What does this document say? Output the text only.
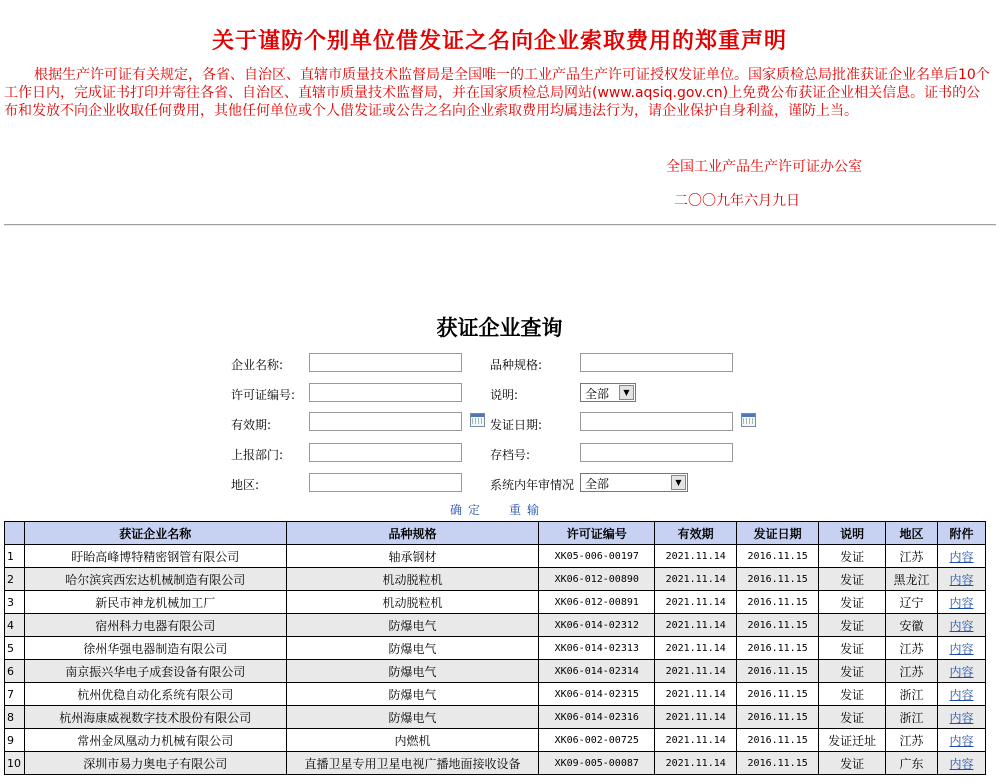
关于谨防个别单位借发证之名向企业索取费用的郑重声明
根据生产许可证有关规定，各省、自治区、直辖市质量技术监督局是全国唯一的工业产品生产许可证授权发证单位。国家质检总局批准获证企业名单后10个工作日内，完成证书打印并寄往各省、自治区、直辖市质量技术监督局，并在国家质检总局网站(www.aqsiq.gov.cn)上免费公布获证企业相关信息。证书的公布和发放不向企业收取任何费用，其他任何单位或个人借发证或公告之名向企业索取费用均属违法行为，请企业保护自身利益，谨防上当。
全国工业产品生产许可证办公室
二〇〇九年六月九日
获证企业查询
企业名称:	品种规格:
许可证编号:	说明:	全部	▼
有效期:	发证日期:
上报部门:	存档号:
地区:	系统内年审情况 全部	▼
确定 重输
	获证企业名称	品种规格	许可证编号	有效期	发证日期	说明	地区	附件
1	盱眙高峰博特精密钢管有限公司	轴承钢材	XK05-006-00197	2021.11.14	2016.11.15	发证	江苏	内容
2	哈尔滨宾西宏达机械制造有限公司	机动脱粒机	XK06-012-00890	2021.11.14	2016.11.15	发证	黑龙江	内容
3	新民市神龙机械加工厂	机动脱粒机	XK06-012-00891	2021.11.14	2016.11.15	发证	辽宁	内容
4	宿州科力电器有限公司	防爆电气	XK06-014-02312	2021.11.14	2016.11.15	发证	安徽	内容
5	徐州华强电器制造有限公司	防爆电气	XK06-014-02313	2021.11.14	2016.11.15	发证	江苏	内容
6	南京振兴华电子成套设备有限公司	防爆电气	XK06-014-02314	2021.11.14	2016.11.15	发证	江苏	内容
7	杭州优稳自动化系统有限公司	防爆电气	XK06-014-02315	2021.11.14	2016.11.15	发证	浙江	内容
8	杭州海康威视数字技术股份有限公司	防爆电气	XK06-014-02316	2021.11.14	2016.11.15	发证	浙江	内容
9	常州金凤凰动力机械有限公司	内燃机	XK06-002-00725	2021.11.14	2016.11.15	发证迁址	江苏	内容
10	深圳市易力奥电子有限公司	直播卫星专用卫星电视广播地面接收设备	XK09-005-00087	2021.11.14	2016.11.15	发证	广东	内容
